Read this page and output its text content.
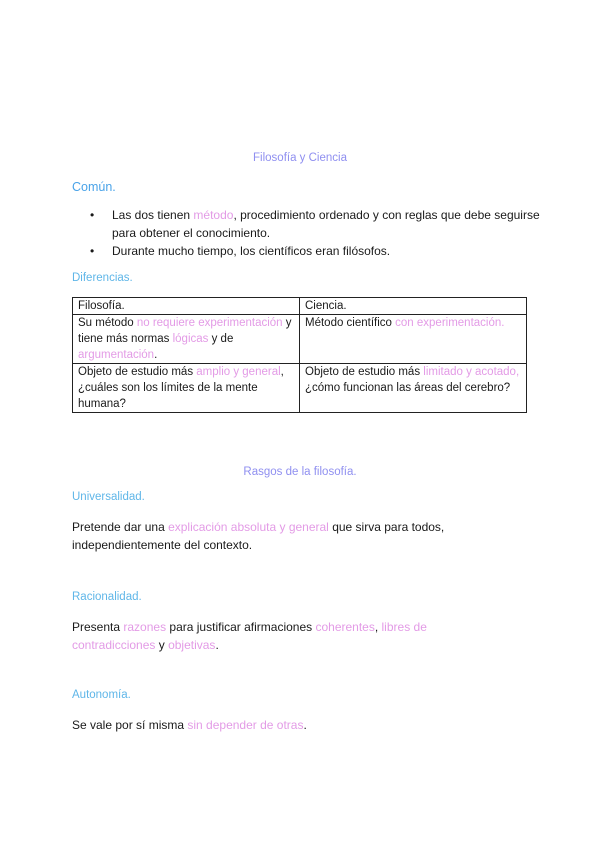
Filosofía y Ciencia
Común.
• Las dos tienen método, procedimiento ordenado y con reglas que debe seguirse para obtener el conocimiento.
• Durante mucho tiempo, los científicos eran filósofos.
Diferencias.
Filosofía.	Ciencia.
Su método no requiere experimentación y tiene más normas lógicas y de argumentación.	Método científico con experimentación.
Objeto de estudio más amplio y general, ¿cuáles son los límites de la mente humana?	Objeto de estudio más limitado y acotado, ¿cómo funcionan las áreas del cerebro?
Rasgos de la filosofía.
Universalidad.
Pretende dar una explicación absoluta y general que sirva para todos, independientemente del contexto.
Racionalidad.
Presenta razones para justificar afirmaciones coherentes, libres de contradicciones y objetivas.
Autonomía.
Se vale por sí misma sin depender de otras.
